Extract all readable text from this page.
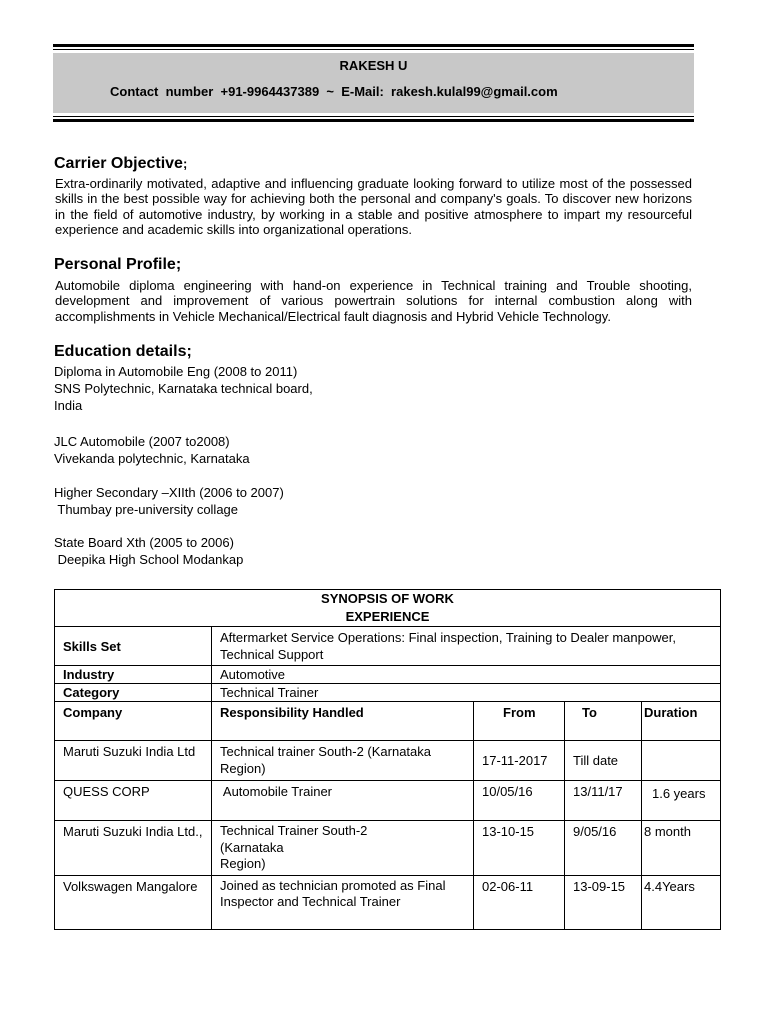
RAKESH U
Contact  number  +91-9964437389  ~  E-Mail:  rakesh.kulal99@gmail.com
Carrier Objective;

Extra-ordinarily motivated, adaptive and influencing graduate looking forward to utilize most of the possessed skills in the best possible way for achieving both the personal and company's goals. To discover new horizons in the field of automotive industry, by working in a stable and positive atmosphere to impart my resourceful experience and academic skills into organizational operations.

Personal Profile;

Automobile diploma engineering with hand-on experience in Technical training and Trouble shooting, development and improvement of various powertrain solutions for internal combustion along with accomplishments in Vehicle Mechanical/Electrical fault diagnosis and Hybrid Vehicle Technology.

Education details;

Diploma in Automobile Eng (2008 to 2011)
SNS Polytechnic, Karnataka technical board,
India

JLC Automobile (2007 to2008)
Vivekanda polytechnic, Karnataka

Higher Secondary –XIIth (2006 to 2007)
Thumbay pre-university collage

State Board Xth (2005 to 2006)
Deepika High School Modankap

SYNOPSIS OF WORK
EXPERIENCE				

Skills Set	Aftermarket Service Operations: Final inspection, Training to Dealer manpower, Technical Support			
Industry	Automotive			
Category	Technical Trainer			
Company	Responsibility Handled	From	To	Duration
Maruti Suzuki India Ltd	Technical trainer South-2 (Karnataka Region)	17-11-2017	Till date	
QUESS CORP	Automobile Trainer	10/05/16	13/11/17	1.6 years
Maruti Suzuki India Ltd.,	Technical Trainer South-2
(Karnataka
Region)	13-10-15	9/05/16	8 month
Volkswagen Mangalore	Joined as technician promoted as Final
Inspector and Technical Trainer	02-06-11	13-09-15	4.4Years
